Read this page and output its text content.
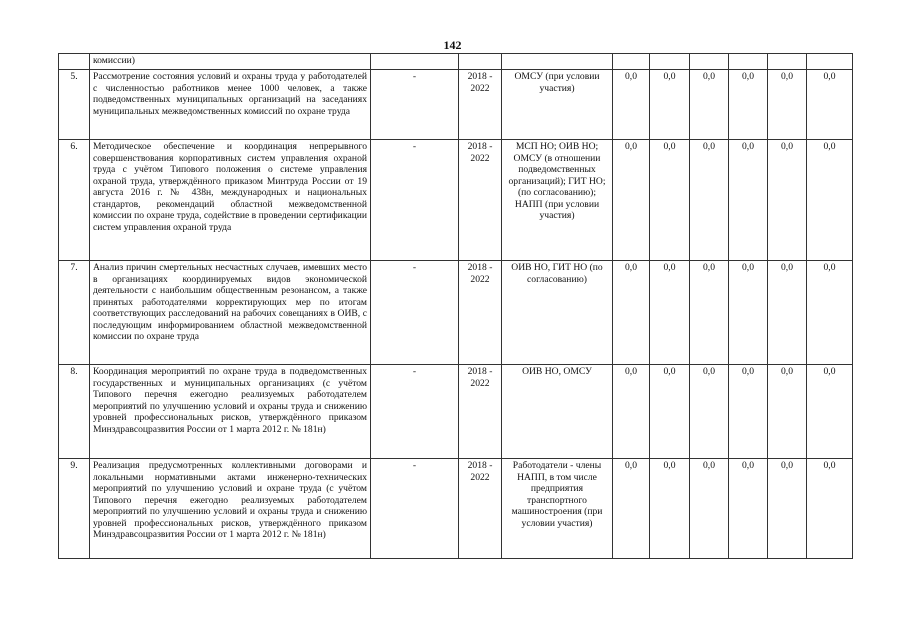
142
	комиссии)									
5.	Рассмотрение состояния условий и охраны труда у работодателей с численностью работников менее 1000 человек, а также подведомственных муниципальных организаций на заседаниях муниципальных межведомственных комиссий по охране труда	-	2018 - 2022	ОМСУ (при условии участия)	0,0	0,0	0,0	0,0	0,0	0,0
6.	Методическое обеспечение и координация непрерывного совершенствования корпоративных систем управления охраной труда с учётом Типового положения о системе управления охраной труда, утверждённого приказом Минтруда России от 19 августа 2016 г. № 438н, международных и национальных стандартов, рекомендаций областной межведомственной комиссии по охране труда, содействие в проведении сертификации систем управления охраной труда	-	2018 - 2022	МСП НО; ОИВ НО; ОМСУ (в отношении подведомственных организаций); ГИТ НО; (по согласованию); НАПП (при условии участия)	0,0	0,0	0,0	0,0	0,0	0,0
7.	Анализ причин смертельных несчастных случаев, имевших место в организациях координируемых видов экономической деятельности с наибольшим общественным резонансом, а также принятых работодателями корректирующих мер по итогам соответствующих расследований на рабочих совещаниях в ОИВ, с последующим информированием областной межведомственной комиссии по охране труда	-	2018 - 2022	ОИВ НО, ГИТ НО (по согласованию)	0,0	0,0	0,0	0,0	0,0	0,0
8.	Координация мероприятий по охране труда в подведомственных государственных и муниципальных организациях (с учётом Типового перечня ежегодно реализуемых работодателем мероприятий по улучшению условий и охраны труда и снижению уровней профессиональных рисков, утверждённого приказом Минздравсоцразвития России от 1 марта 2012 г. № 181н)	-	2018 - 2022	ОИВ НО, ОМСУ	0,0	0,0	0,0	0,0	0,0	0,0
9.	Реализация предусмотренных коллективными договорами и локальными нормативными актами инженерно-технических мероприятий по улучшению условий и охране труда (с учётом Типового перечня ежегодно реализуемых работодателем мероприятий по улучшению условий и охраны труда и снижению уровней профессиональных рисков, утверждённого приказом Минздравсоцразвития России от 1 марта 2012 г. № 181н)	-	2018 - 2022	Работодатели - члены НАПП, в том числе предприятия транспортного машиностроения (при условии участия)	0,0	0,0	0,0	0,0	0,0	0,0
